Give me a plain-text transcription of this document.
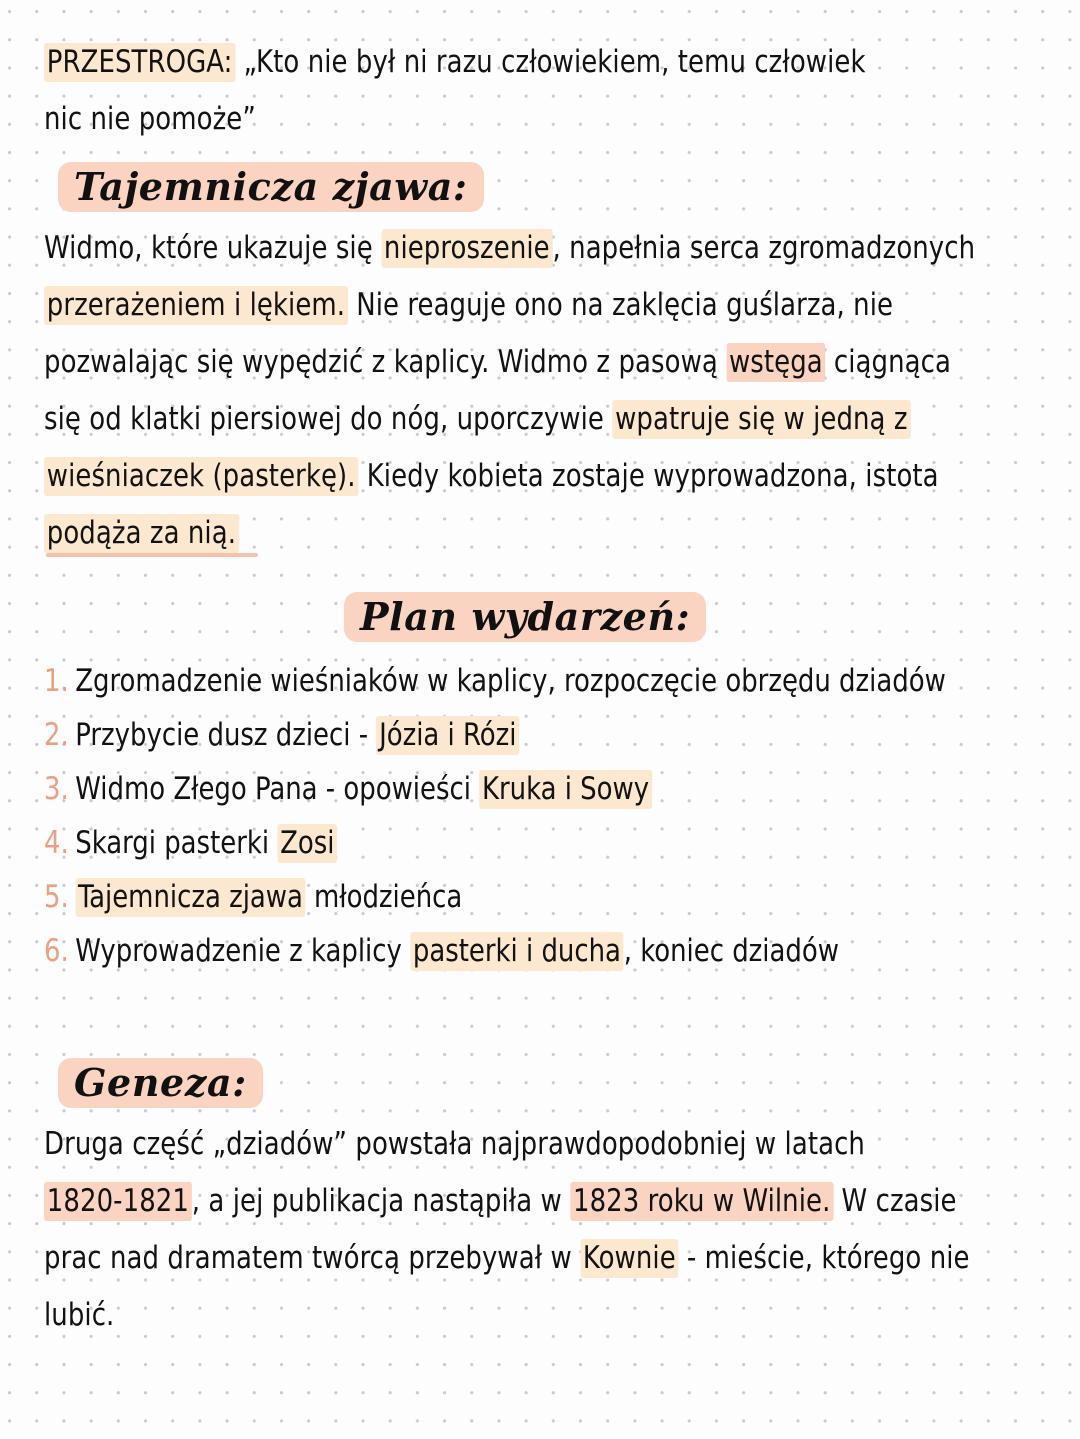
PRZESTROGA: „Kto nie był ni razu człowiekiem, temu człowiek
nic nie pomoże”
Tajemnicza zjawa:
Widmo, które ukazuje się nieproszenie, napełnia serca zgromadzonych
przerażeniem i lękiem. Nie reaguje ono na zaklęcia guślarza, nie
pozwalając się wypędzić z kaplicy. Widmo z pasową wstęga ciągnąca
się od klatki piersiowej do nóg, uporczywie wpatruje się w jedną z
wieśniaczek (pasterkę). Kiedy kobieta zostaje wyprowadzona, istota
podąża za nią.
Plan wydarzeń:
1. Zgromadzenie wieśniaków w kaplicy, rozpoczęcie obrzędu dziadów
2. Przybycie dusz dzieci - Józia i Rózi
3. Widmo Złego Pana - opowieści Kruka i Sowy
4. Skargi pasterki Zosi
5. Tajemnicza zjawa młodzieńca
6. Wyprowadzenie z kaplicy pasterki i ducha, koniec dziadów
Geneza:
Druga część „dziadów” powstała najprawdopodobniej w latach
1820-1821, a jej publikacja nastąpiła w 1823 roku w Wilnie. W czasie
prac nad dramatem twórcą przebywał w Kownie - mieście, którego nie
lubić.
